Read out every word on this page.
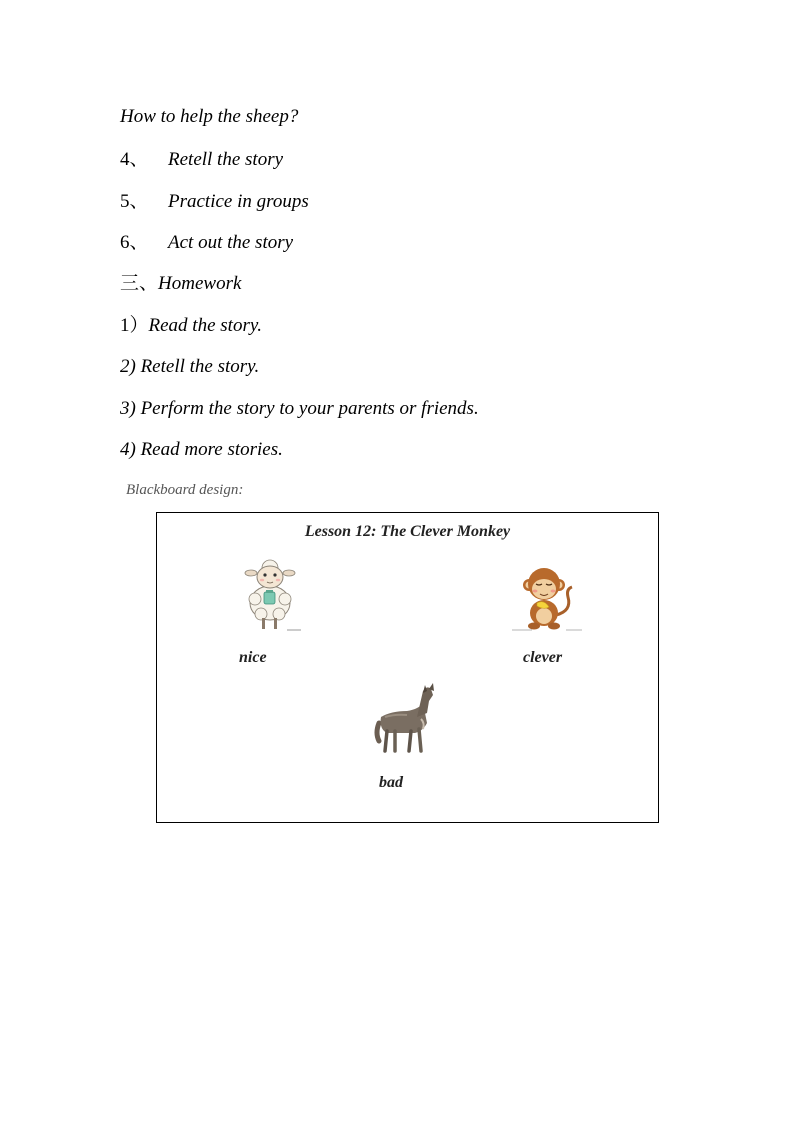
How to help the sheep?
4、 Retell the story
5、 Practice in groups
6、 Act out the story
三、Homework
1）Read the story.
2) Retell the story.
3) Perform the story to your parents or friends.
4) Read more stories.
Blackboard design:
Lesson 12: The Clever Monkey
nice	clever
bad
